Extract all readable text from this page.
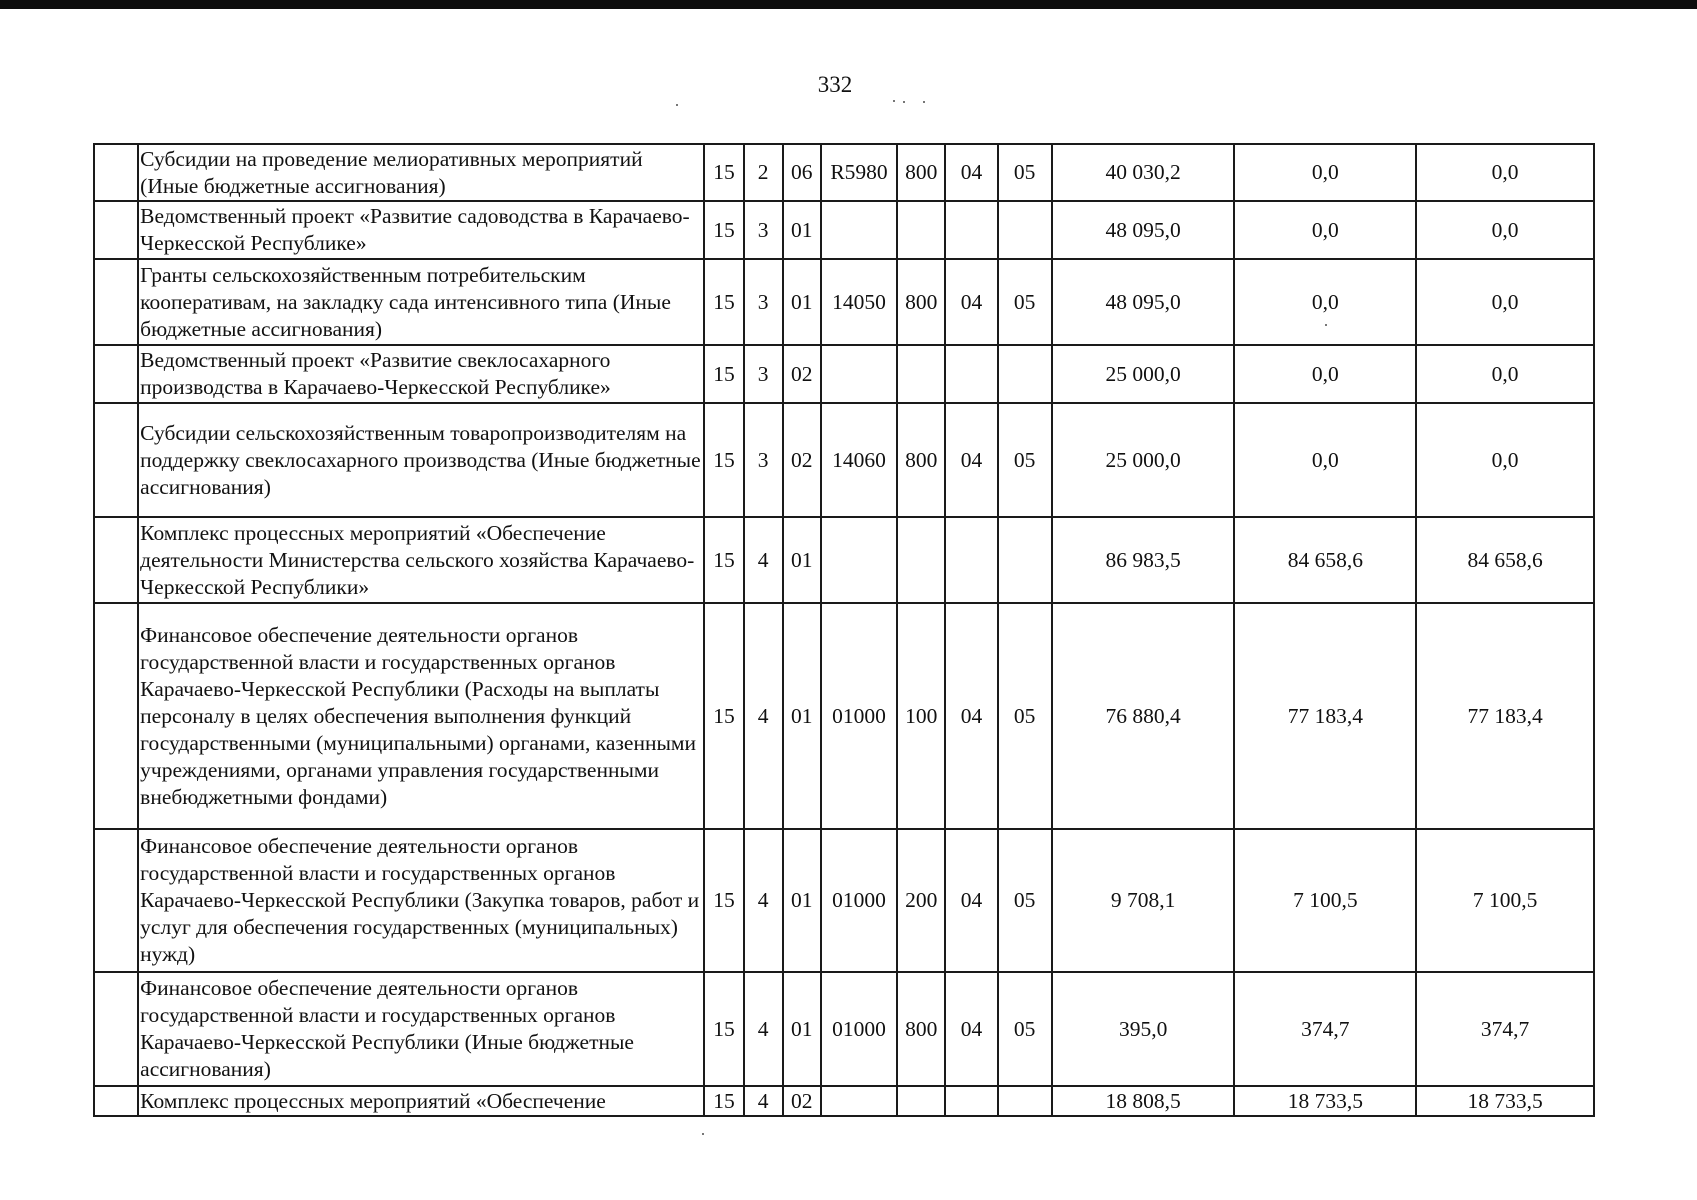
332
	Субсидии на проведение мелиоративных мероприятий (Иные бюджетные ассигнования)	15	2	06	R5980	800	04	05	40 030,2	0,0	0,0
	Ведомственный проект «Развитие садоводства в Карачаево-Черкесской Республике»	15	3	01					48 095,0	0,0	0,0
	Гранты сельскохозяйственным потребительским кооперативам, на закладку сада интенсивного типа (Иные бюджетные ассигнования)	15	3	01	14050	800	04	05	48 095,0	0,0	0,0
	Ведомственный проект «Развитие свеклосахарного производства в Карачаево-Черкесской Республике»	15	3	02					25 000,0	0,0	0,0
	Субсидии сельскохозяйственным товаропроизводителям на поддержку свеклосахарного производства (Иные бюджетные ассигнования)	15	3	02	14060	800	04	05	25 000,0	0,0	0,0
	Комплекс процессных мероприятий «Обеспечение деятельности Министерства сельского хозяйства Карачаево-Черкесской Республики»	15	4	01					86 983,5	84 658,6	84 658,6
	Финансовое обеспечение деятельности органов государственной власти и государственных органов Карачаево-Черкесской Республики (Расходы на выплаты персоналу в целях обеспечения выполнения функций государственными (муниципальными) органами, казенными учреждениями, органами управления государственными внебюджетными фондами)	15	4	01	01000	100	04	05	76 880,4	77 183,4	77 183,4
	Финансовое обеспечение деятельности органов государственной власти и государственных органов Карачаево-Черкесской Республики (Закупка товаров, работ и услуг для обеспечения государственных (муниципальных) нужд)	15	4	01	01000	200	04	05	9 708,1	7 100,5	7 100,5
	Финансовое обеспечение деятельности органов государственной власти и государственных органов Карачаево-Черкесской Республики (Иные бюджетные ассигнования)	15	4	01	01000	800	04	05	395,0	374,7	374,7
	Комплекс процессных мероприятий «Обеспечение	15	4	02					18 808,5	18 733,5	18 733,5
